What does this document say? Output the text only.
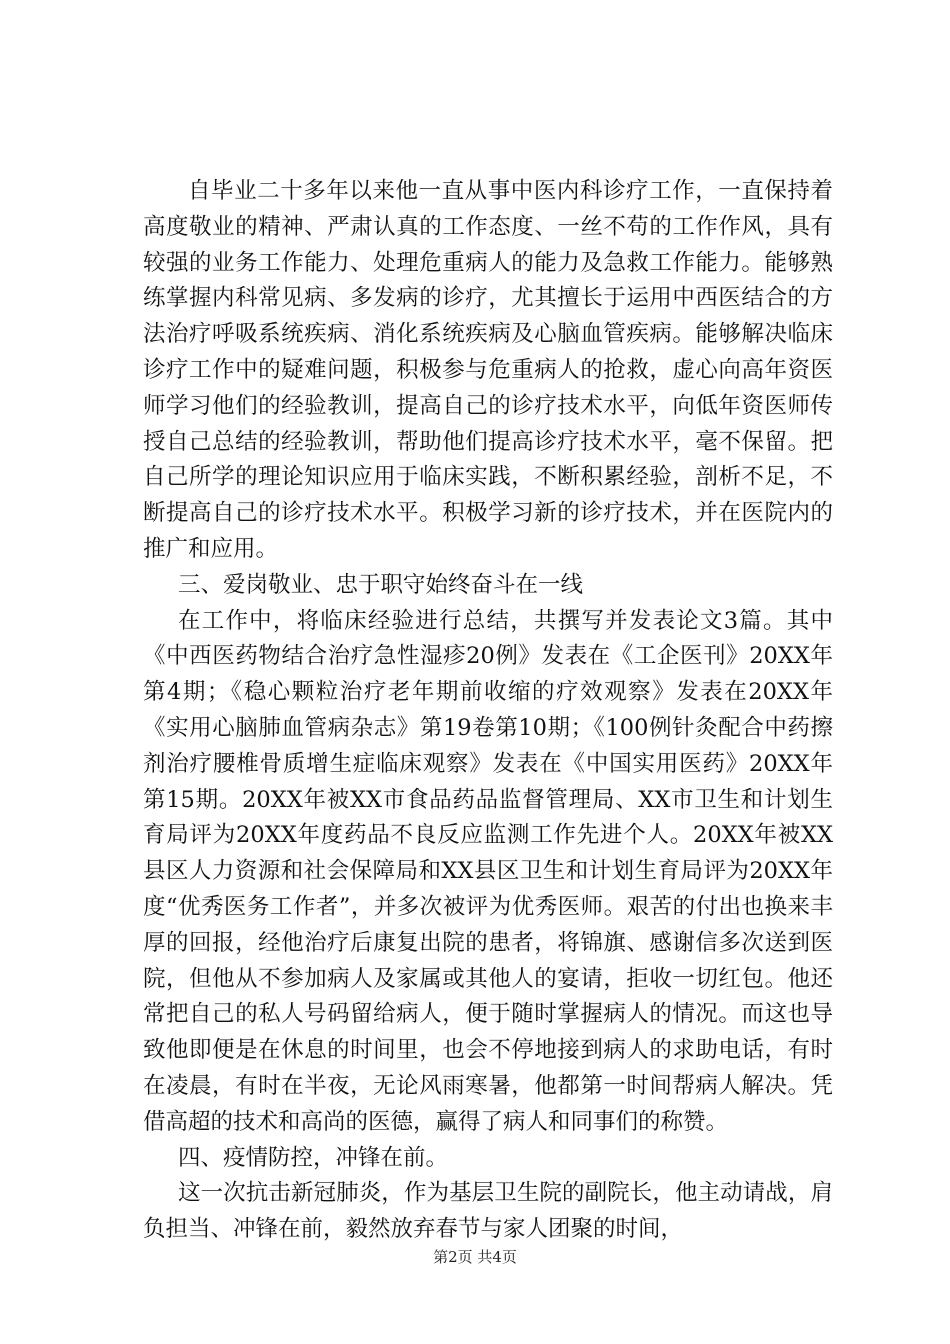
自毕业二十多年以来他一直从事中医内科诊疗工作，一直保持着高度敬业的精神、严肃认真的工作态度、一丝不苟的工作作风，具有较强的业务工作能力、处理危重病人的能力及急救工作能力。能够熟练掌握内科常见病、多发病的诊疗，尤其擅长于运用中西医结合的方法治疗呼吸系统疾病、消化系统疾病及心脑血管疾病。能够解决临床诊疗工作中的疑难问题，积极参与危重病人的抢救，虚心向高年资医师学习他们的经验教训，提高自己的诊疗技术水平，向低年资医师传授自己总结的经验教训，帮助他们提高诊疗技术水平，毫不保留。把自己所学的理论知识应用于临床实践，不断积累经验，剖析不足，不断提高自己的诊疗技术水平。积极学习新的诊疗技术，并在医院内的推广和应用。

三、爱岗敬业、忠于职守始终奋斗在一线

在工作中，将临床经验进行总结，共撰写并发表论文3篇。其中《中西医药物结合治疗急性湿疹20例》发表在《工企医刊》20XX年第4期；《稳心颗粒治疗老年期前收缩的疗效观察》发表在20XX年《实用心脑肺血管病杂志》第19卷第10期；《100例针灸配合中药擦剂治疗腰椎骨质增生症临床观察》发表在《中国实用医药》20XX年第15期。20XX年被XX市食品药品监督管理局、XX市卫生和计划生育局评为20XX年度药品不良反应监测工作先进个人。20XX年被XX县区人力资源和社会保障局和XX县区卫生和计划生育局评为20XX年度“优秀医务工作者”，并多次被评为优秀医师。艰苦的付出也换来丰厚的回报，经他治疗后康复出院的患者，将锦旗、感谢信多次送到医院，但他从不参加病人及家属或其他人的宴请，拒收一切红包。他还常把自己的私人号码留给病人，便于随时掌握病人的情况。而这也导致他即便是在休息的时间里，也会不停地接到病人的求助电话，有时在凌晨，有时在半夜，无论风雨寒暑，他都第一时间帮病人解决。凭借高超的技术和高尚的医德，赢得了病人和同事们的称赞。

四、疫情防控，冲锋在前。

这一次抗击新冠肺炎，作为基层卫生院的副院长，他主动请战，肩负担当、冲锋在前，毅然放弃春节与家人团聚的时间，

第2页 共4页
